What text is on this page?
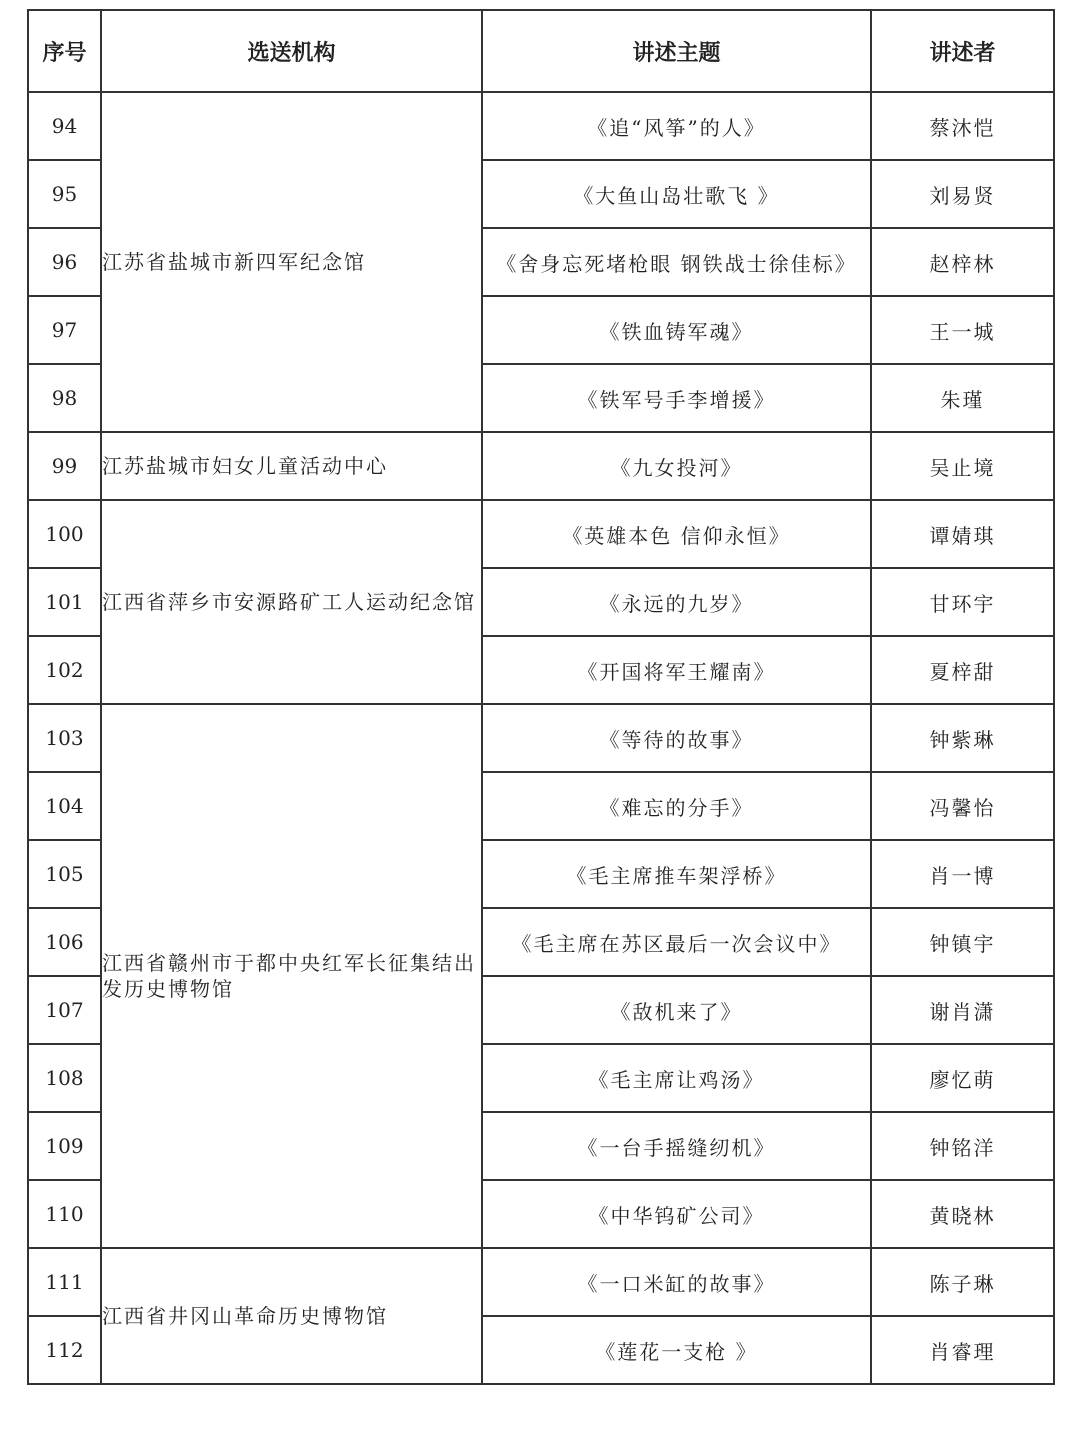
序号	选送机构	讲述主题	讲述者
94	江苏省盐城市新四军纪念馆	《追“风筝”的人》	蔡沐恺
95		《大鱼山岛壮歌飞 》	刘易贤
96		《舍身忘死堵枪眼 钢铁战士徐佳标》	赵梓林
97		《铁血铸军魂》	王一城
98		《铁军号手李增援》	朱瑾
99	江苏盐城市妇女儿童活动中心	《九女投河》	吴止境
100	江西省萍乡市安源路矿工人运动纪念馆	《英雄本色 信仰永恒》	谭婧琪
101		《永远的九岁》	甘环宇
102		《开国将军王耀南》	夏梓甜
103	江西省赣州市于都中央红军长征集结出发历史博物馆	《等待的故事》	钟紫琳
104		《难忘的分手》	冯馨怡
105		《毛主席推车架浮桥》	肖一博
106		《毛主席在苏区最后一次会议中》	钟镇宇
107		《敌机来了》	谢肖潇
108		《毛主席让鸡汤》	廖忆萌
109		《一台手摇缝纫机》	钟铭洋
110		《中华钨矿公司》	黄晓林
111	江西省井冈山革命历史博物馆	《一口米缸的故事》	陈子琳
112		《莲花一支枪 》	肖睿理
